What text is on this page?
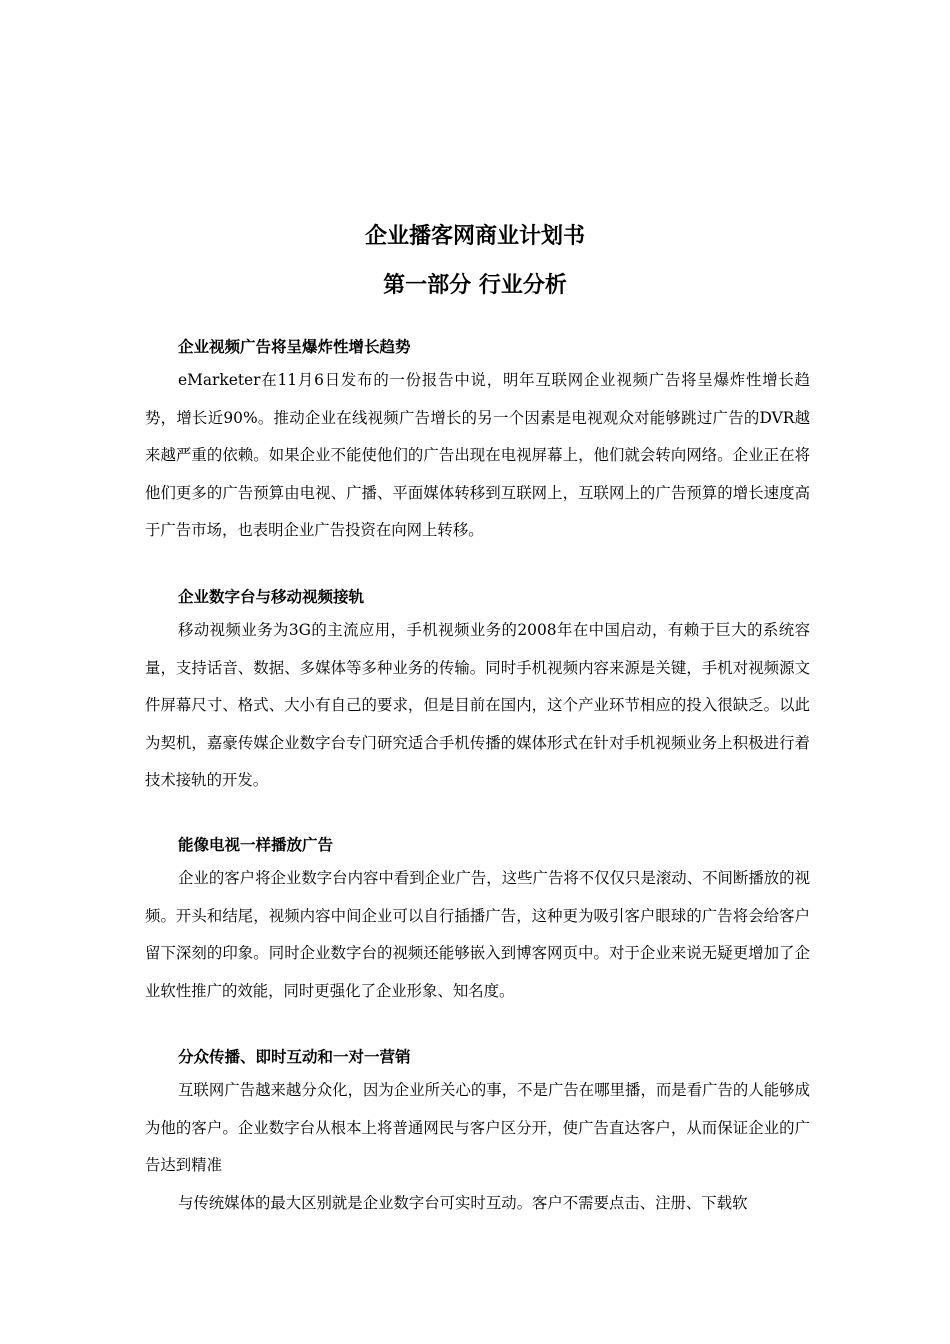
企业播客网商业计划书
第一部分 行业分析
企业视频广告将呈爆炸性增长趋势

eMarketer在11月6日发布的一份报告中说，明年互联网企业视频广告将呈爆炸性增长趋势，增长近90%。推动企业在线视频广告增长的另一个因素是电视观众对能够跳过广告的DVR越来越严重的依赖。如果企业不能使他们的广告出现在电视屏幕上，他们就会转向网络。企业正在将他们更多的广告预算由电视、广播、平面媒体转移到互联网上，互联网上的广告预算的增长速度高于广告市场，也表明企业广告投资在向网上转移。

企业数字台与移动视频接轨

移动视频业务为3G的主流应用，手机视频业务的2008年在中国启动，有赖于巨大的系统容量，支持话音、数据、多媒体等多种业务的传输。同时手机视频内容来源是关键，手机对视频源文件屏幕尺寸、格式、大小有自己的要求，但是目前在国内，这个产业环节相应的投入很缺乏。以此为契机，嘉豪传媒企业数字台专门研究适合手机传播的媒体形式在针对手机视频业务上积极进行着技术接轨的开发。

能像电视一样播放广告

企业的客户将企业数字台内容中看到企业广告，这些广告将不仅仅只是滚动、不间断播放的视频。开头和结尾，视频内容中间企业可以自行插播广告，这种更为吸引客户眼球的广告将会给客户留下深刻的印象。同时企业数字台的视频还能够嵌入到博客网页中。对于企业来说无疑更增加了企业软性推广的效能，同时更强化了企业形象、知名度。

分众传播、即时互动和一对一营销

互联网广告越来越分众化，因为企业所关心的事，不是广告在哪里播，而是看广告的人能够成为他的客户。企业数字台从根本上将普通网民与客户区分开，使广告直达客户，从而保证企业的广告达到精准

与传统媒体的最大区别就是企业数字台可实时互动。客户不需要点击、注册、下载软
